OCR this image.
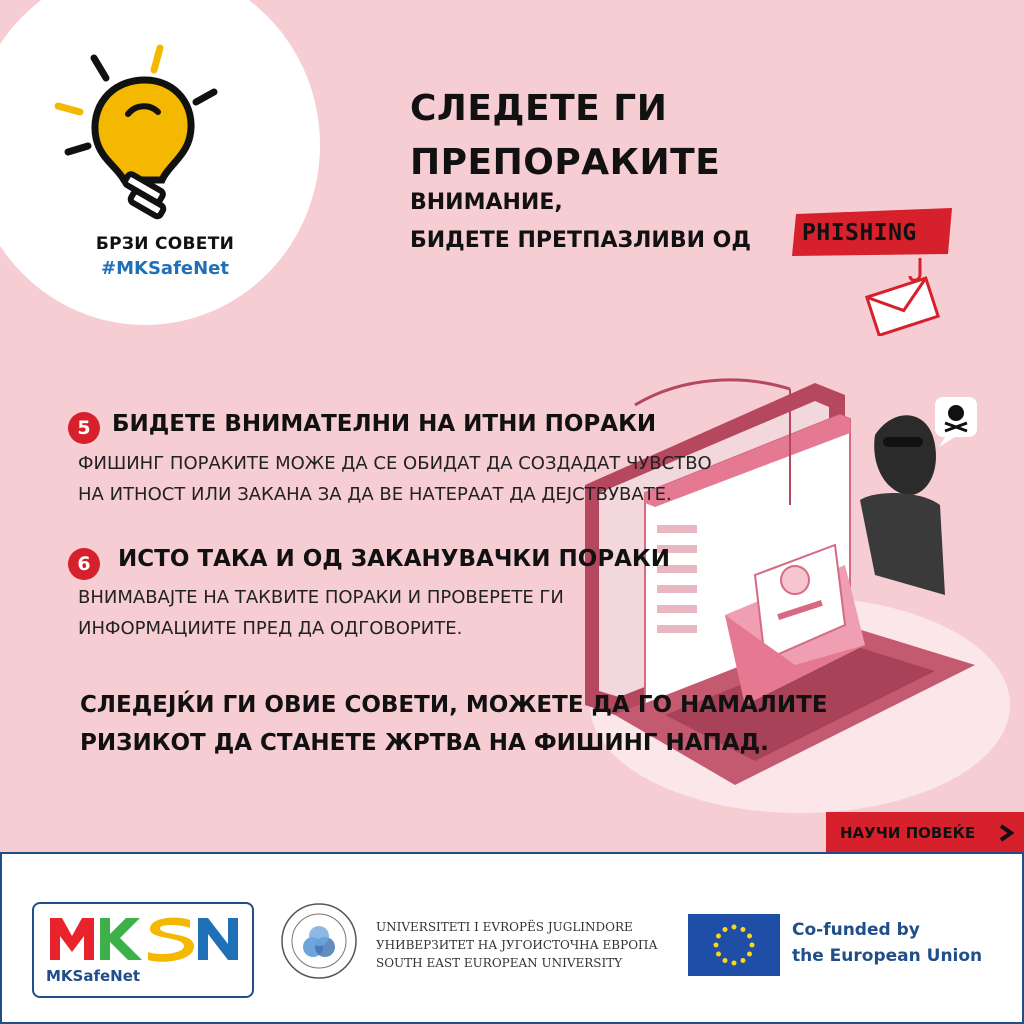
БРЗИ СОВЕТИ
#MKSafeNet
СЛЕДЕТЕ ГИ
ПРЕПОРАКИТЕ
ВНИМАНИЕ,
БИДЕТЕ ПРЕТПАЗЛИВИ ОД PHISHING
5 БИДЕТЕ ВНИМАТЕЛНИ НА ИТНИ ПОРАКИ
ФИШИНГ ПОРАКИТЕ МОЖЕ ДА СЕ ОБИДАТ ДА СОЗДАДАТ ЧУВСТВО
НА ИТНОСТ ИЛИ ЗАКАНА ЗА ДА ВЕ НАТЕРААТ ДА ДЕЈСТВУВАТЕ.
6	ИСТО ТАКА И ОД ЗАКАНУВАЧКИ ПОРАКИ
ВНИМАВАЈТЕ НА ТАКВИТЕ ПОРАКИ И ПРОВЕРЕТЕ ГИ
ИНФОРМАЦИИТЕ ПРЕД ДА ОДГОВОРИТЕ.
СЛЕДЕЈЌИ ГИ ОВИЕ СОВЕТИ, МОЖЕТЕ ДА ГО НАМАЛИТЕ
РИЗИКОТ ДА СТАНЕТЕ ЖРТВА НА ФИШИНГ НАПАД.
НАУЧИ ПОВЕЌЕ
MKSafeNet
UNIVERSITETI I EVROPËS JUGLINDORE
УНИВЕРЗИТЕТ НА ЈУГОИСТОЧНА ЕВРОПА
SOUTH EAST EUROPEAN UNIVERSITY
Co-funded by
the European Union
